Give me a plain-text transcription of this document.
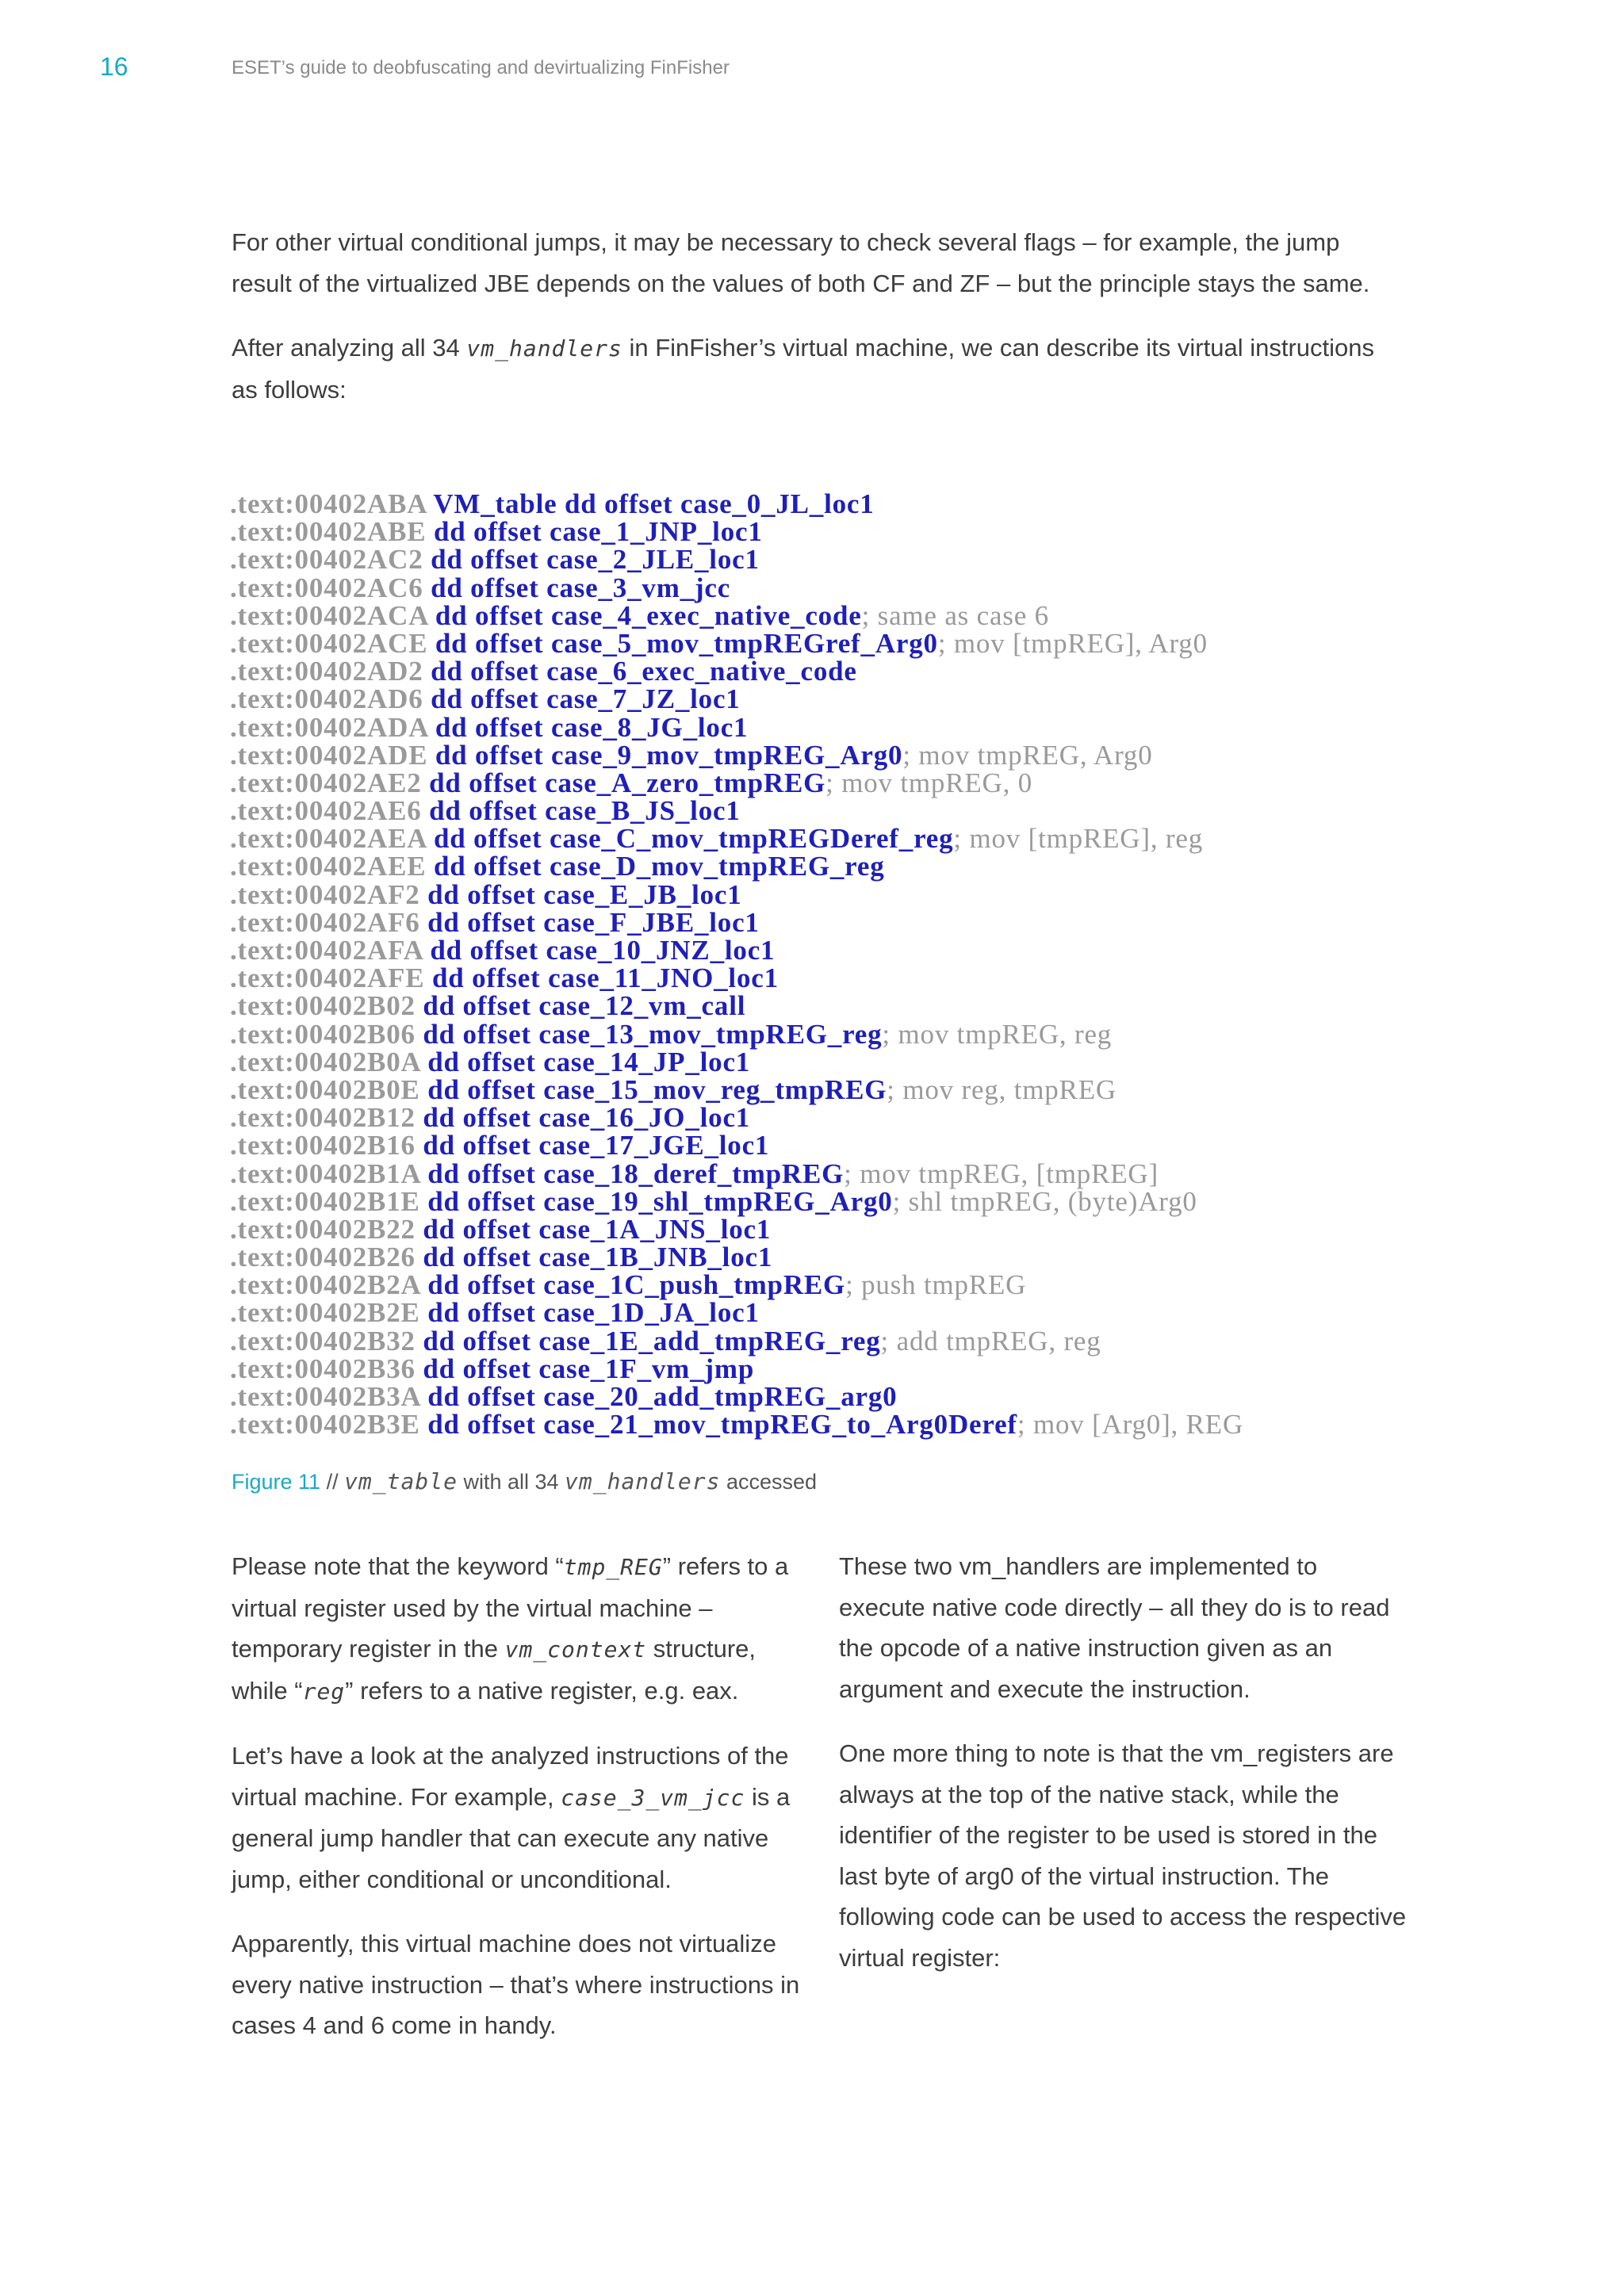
16	ESET’s guide to deobfuscating and devirtualizing FinFisher

For other virtual conditional jumps, it may be necessary to check several flags – for example, the jump result of the virtualized JBE depends on the values of both CF and ZF – but the principle stays the same.

After analyzing all 34 vm_handlers in FinFisher’s virtual machine, we can describe its virtual instructions as follows:

.text:00402ABA VM_table dd offset case_0_JL_loc1
.text:00402ABE dd offset case_1_JNP_loc1
.text:00402AC2 dd offset case_2_JLE_loc1
.text:00402AC6 dd offset case_3_vm_jcc
.text:00402ACA dd offset case_4_exec_native_code; same as case 6
.text:00402ACE dd offset case_5_mov_tmpREGref_Arg0; mov [tmpREG], Arg0
.text:00402AD2 dd offset case_6_exec_native_code
.text:00402AD6 dd offset case_7_JZ_loc1
.text:00402ADA dd offset case_8_JG_loc1
.text:00402ADE dd offset case_9_mov_tmpREG_Arg0; mov tmpREG, Arg0
.text:00402AE2 dd offset case_A_zero_tmpREG; mov tmpREG, 0
.text:00402AE6 dd offset case_B_JS_loc1
.text:00402AEA dd offset case_C_mov_tmpREGDeref_reg; mov [tmpREG], reg
.text:00402AEE dd offset case_D_mov_tmpREG_reg
.text:00402AF2 dd offset case_E_JB_loc1
.text:00402AF6 dd offset case_F_JBE_loc1
.text:00402AFA dd offset case_10_JNZ_loc1
.text:00402AFE dd offset case_11_JNO_loc1
.text:00402B02 dd offset case_12_vm_call
.text:00402B06 dd offset case_13_mov_tmpREG_reg; mov tmpREG, reg
.text:00402B0A dd offset case_14_JP_loc1
.text:00402B0E dd offset case_15_mov_reg_tmpREG; mov reg, tmpREG
.text:00402B12 dd offset case_16_JO_loc1
.text:00402B16 dd offset case_17_JGE_loc1
.text:00402B1A dd offset case_18_deref_tmpREG; mov tmpREG, [tmpREG]
.text:00402B1E dd offset case_19_shl_tmpREG_Arg0; shl tmpREG, (byte)Arg0
.text:00402B22 dd offset case_1A_JNS_loc1
.text:00402B26 dd offset case_1B_JNB_loc1
.text:00402B2A dd offset case_1C_push_tmpREG; push tmpREG
.text:00402B2E dd offset case_1D_JA_loc1
.text:00402B32 dd offset case_1E_add_tmpREG_reg; add tmpREG, reg
.text:00402B36 dd offset case_1F_vm_jmp
.text:00402B3A dd offset case_20_add_tmpREG_arg0
.text:00402B3E dd offset case_21_mov_tmpREG_to_Arg0Deref; mov [Arg0], REG
Figure 11 // vm_table with all 34 vm_handlers accessed

Please note that the keyword “tmp_REG” refers to a virtual register used by the virtual machine –temporary register in the vm_context structure, while “reg” refers to a native register, e.g. eax.

Let’s have a look at the analyzed instructions of the virtual machine. For example, case_3_vm_jcc is a general jump handler that can execute any native jump, either conditional or unconditional.

Apparently, this virtual machine does not virtualize every native instruction – that’s where instructions in cases 4 and 6 come in handy.

These two vm_handlers are implemented to execute native code directly – all they do is to read the opcode of a native instruction given as an argument and execute the instruction.

One more thing to note is that the vm_registers are always at the top of the native stack, while the identifier of the register to be used is stored in the last byte of arg0 of the virtual instruction. The following code can be used to access the respective virtual register:
